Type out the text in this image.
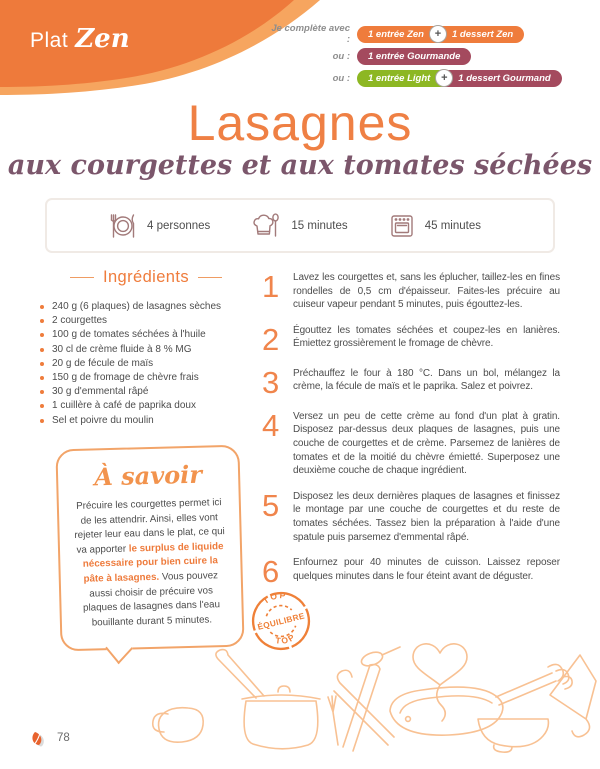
Plat Zen	Je complète avec :	1 entrée Zen +	1 dessert Zen
ou :	1 entrée Gourmande
ou :	1 entrée Light +	1 dessert Gourmand
Lasagnes
aux courgettes et aux tomates séchées
4 personnes	15 minutes	45 minutes
Ingrédients
240 g (6 plaques) de lasagnes sèches
2 courgettes
100 g de tomates séchées à l'huile
30 cl de crème fluide à 8 % MG
20 g de fécule de maïs
150 g de fromage de chèvre frais
30 g d'emmental râpé
1 cuillère à café de paprika doux
Sel et poivre du moulin
1	Lavez les courgettes et, sans les éplucher, taillez-les en fines rondelles de 0,5 cm d'épaisseur. Faites-les précuire au cuiseur vapeur pendant 5 minutes, puis égouttez-les.

2	Égouttez les tomates séchées et coupez-les en lanières. Émiettez grossièrement le fromage de chèvre.

3	Préchauffez le four à 180 °C. Dans un bol, mélangez la crème, la fécule de maïs et le paprika. Salez et poivrez.

4	Versez un peu de cette crème au fond d'un plat à gratin. Disposez par-dessus deux plaques de lasagnes, puis une couche de courgettes et de crème. Parsemez de lanières de tomates et de la moitié du chèvre émietté. Superposez une deuxième couche de chaque ingrédient.

5	Disposez les deux dernières plaques de lasagnes et finissez le montage par une couche de courgettes et du reste de tomates séchées. Tassez bien la préparation à l'aide d'une spatule puis parsemez d'emmental râpé.

6	Enfournez pour 40 minutes de cuisson. Laissez reposer quelques minutes dans le four éteint avant de déguster.

À savoir

Précuire les courgettes permet ici de les attendrir. Ainsi, elles vont rejeter leur eau dans le plat, ce qui va apporter le surplus de liquide nécessaire pour bien cuire la pâte à lasagnes. Vous pouvez aussi choisir de précuire vos plaques de lasagnes dans l'eau bouillante durant 5 minutes.

TOP
ÉQUILIBRE
TOP
78
